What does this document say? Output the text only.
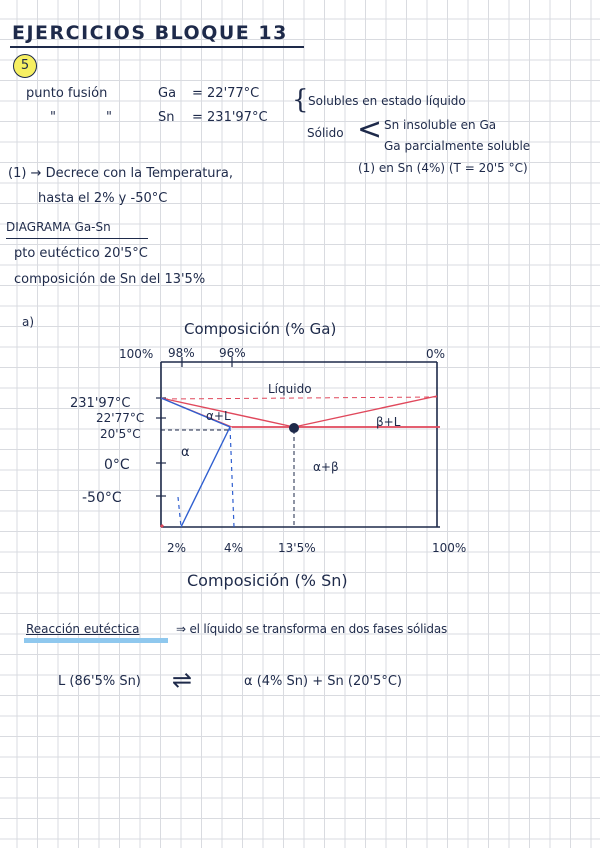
EJERCICIOS BLOQUE 13
5
punto fusión	Ga = 22'77°C
"	"	Sn = 231'97°C
{ Solubles en estado líquido
Sólido < Sn insoluble en Ga
Ga parcialmente soluble
(1) en Sn (4%) (T = 20'5 °C)
(1) → Decrece con la Temperatura,
hasta el 2% y -50°C
DIAGRAMA Ga-Sn
pto eutéctico 20'5°C
composición de Sn del 13'5%
a)	Composición (% Ga)
100% 98% 96%	0%
231'97°C
22'77°C
20'5°C
0°C
-50°C
2%	4%	13'5%	100%
Composición (% Sn)
Líquido
α+L	β+L
α
α+β
Reacción eutéctica	⇒ el líquido se transforma en dos fases sólidas
L (86'5% Sn) ⇌	α (4% Sn) + Sn (20'5°C)
